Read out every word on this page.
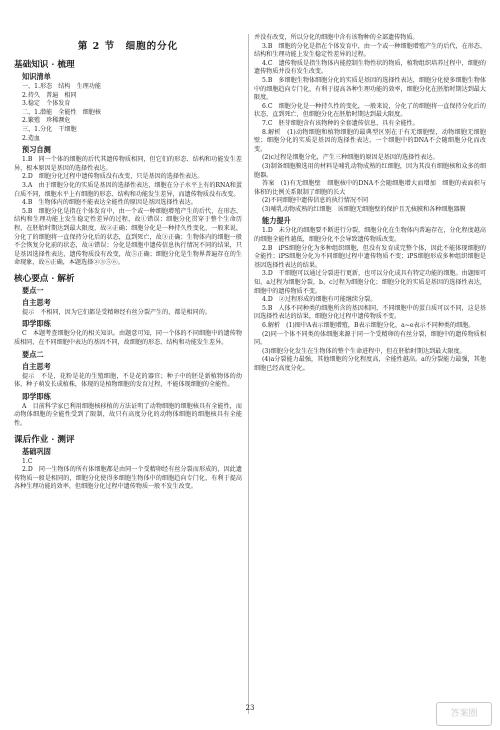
第 2 节　细胞的分化
基础知识 · 梳理
知识清单

一、1.形态　结构　生理功能

2.持久　普遍　相同

3.稳定　个体发育

二、1.潜能　全能性　细胞核

2.繁殖　珍稀濒危

三、1.分化　干细胞

2.造血

预习自测

1.B　同一个体的细胞的后代其遗传物质相同，但它们的形态、结构和功能发生差异，根本原因是基因的选择性表达。

2.D　细胞分化过程中遗传物质没有改变，只是基因的选择性表达。

3.A　由于细胞分化的实质是基因的选择性表达，细胞在分子水平上有的RNA和蛋白质不同，细胞水平上有细胞的形态、结构和功能发生差异，而遗传物质没有改变。

4.B　生物体内的细胞不能表达全能性的原因是基因选择性表达。

5.B　细胞分化是指在个体发育中，由一个或一种细胞增殖产生的后代，在形态、结构和生理功能上发生稳定性差异的过程，故①错误；细胞分化贯穿于整个生命历程，在胚胎时期达到最大限度，故②正确；细胞分化是一种持久性变化，一般来说，分化了的细胞将一直保持分化后的状态，直到死亡，故③正确；生物体内的细胞一般不会恢复分化前的状态，故④错误；分化是细胞中遗传信息执行情况不同的结果，只是基因选择性表达，遗传物质没有改变，故⑤正确；细胞分化是生物界普遍存在的生命现象，故⑥正确，本题选择②③⑤⑥。

核心要点 · 解析
要点一
自主思考

提示　不相同，因为它们都是受精卵经有丝分裂产生的，都是相同的。

即学即练

C　本题考查细胞分化的相关知识。由题意可知，同一个体的不同细胞中的遗传物质相同，在不同细胞中表达的基因不同，故细胞的形态、结构和功能发生差异。

要点二
自主思考

提示　不是，花粉是花的生殖细胞，不是花的器官；种子中的胚是新植物体的幼体，种子萌发长成植株，体现的是植物细胞的发育过程，不能体现细胞的全能性。

即学即练

A　目前科学家已利用细胞核移植的方法证明了动物细胞的细胞核具有全能性，而动物体细胞的全能性受到了限制，故只有高度分化的动物体细胞的细胞核具有全能性。

课后作业 · 测评
基础巩固

1.C

2.D　同一生物体的所有体细胞都是由同一个受精卵经有丝分裂而形成的，因此遗传物质一般是相同的，细胞分化使得多细胞生物体中的细胞趋向专门化，有利于提高各种生理功能的效率，但细胞分化过程中遗传物质一般不发生改变。

并没有改变，所以分化的细胞中含有该物种的全部遗传物质。

3.B　细胞的分化是指在个体发育中，由一个或一种细胞增殖产生的后代，在形态、结构和生理功能上发生稳定性差异的过程。

4.C　遗传物质是指生物体内能控制生物性状的物质，植物组织培养过程中，细胞的遗传物质并没有发生改变。

5.B　多细胞生物体细胞分化的实质是基因的选择性表达，细胞分化使多细胞生物体中的细胞趋向专门化，有利于提高各种生理功能的效率，细胞分化在胚胎时期达到最大限度。

6.C　细胞分化是一种持久性的变化，一般来说，分化了的细胞将一直保持分化后的状态，直到死亡，但细胞分化在胚胎时期达到最大限度。

7.C　胚芽细胞含有该物种的全套遗传信息，具有全能性。

8.解析　(1)动物细胞和植物细胞的最典型区别在于有无细胞壁，动物细胞无细胞壁；细胞分化的实质是基因的选择性表达，一个细胞中的DNA不会随细胞分化而改变。

(2)c过程是细胞分化，产生三种细胞的原因是基因的选择性表达。

(3)制备细胞膜选用的材料是哺乳动物成熟的红细胞，因为其没有细胞核和众多的细胞器。

答案　(1)有无细胞壁　细胞核中的DNA不会随细胞增大而增加　细胞的表面积与体积的比例关系限制了细胞的长大

(2)不同细胞中遗传信息的执行情况不同

(3)哺乳动物成熟的红细胞　该细胞无细胞壁的保护且无核膜和各种细胞器膜

能力提升

1.D　未分化的细胞要不断进行分裂，细胞分化在生物体内普遍存在，分化程度越高的细胞全能性越低，细胞分化不会导致遗传物质改变。

2.B　iPS细胞分化为多种组织细胞，但没有发育成完整个体，因此不能体现细胞的全能性；iPS细胞分化为不同细胞过程中遗传物质不变；iPS细胞形成多种组织细胞是基因选择性表达的结果。

3.D　干细胞可以通过分裂进行更新，也可以分化成具有特定功能的细胞。由题图可知，a过程为细胞分裂，b、c过程为细胞分化；细胞分化的实质是基因的选择性表达，细胞中的遗传物质不变。

4.D　②过程形成的细胞有可能继续分裂。

5.B　人体不同种类的细胞所含的基因相同，不同细胞中的蛋白质可以不同，这是基因选择性表达的结果，细胞分化过程中遗传物质不变。

6.解析　(1)图中A表示细胞增殖，B表示细胞分化，a~e表示不同种类的细胞。

(2)同一个体不同类的体细胞来源于同一个受精卵的有丝分裂，细胞中的遗传物质相同。

(3)细胞分化发生在生物体的整个生命进程中，但在胚胎时期达到最大限度。

(4)a分裂能力最强，其他细胞的分化程度高，全能性越高。a的分裂能力最强，其他细胞已经高度分化。

23
答案圈
